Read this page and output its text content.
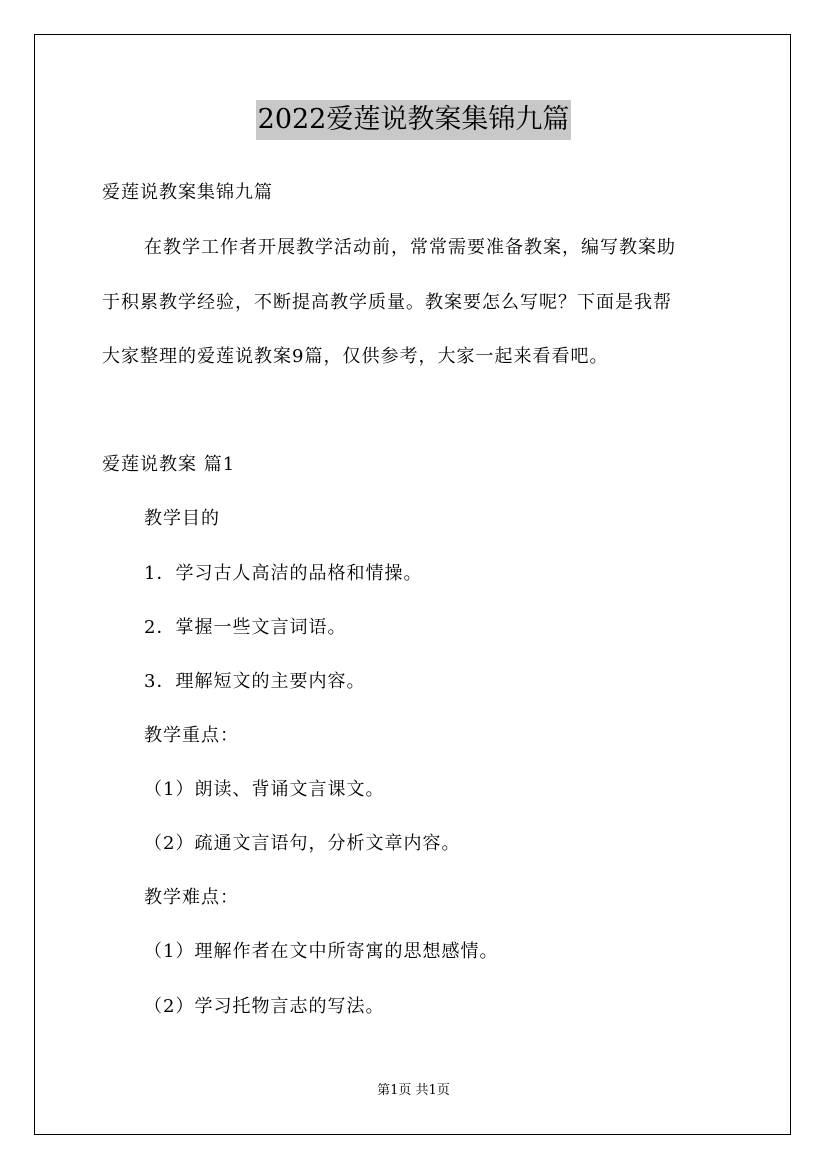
2022爱莲说教案集锦九篇
爱莲说教案集锦九篇
在教学工作者开展教学活动前，常常需要准备教案，编写教案助
于积累教学经验，不断提高教学质量。教案要怎么写呢？下面是我帮
大家整理的爱莲说教案9篇，仅供参考，大家一起来看看吧。
爱莲说教案 篇1
教学目的
1．学习古人高洁的品格和情操。
2．掌握一些文言词语。
3．理解短文的主要内容。
教学重点：
（1）朗读、背诵文言课文。
（2）疏通文言语句，分析文章内容。
教学难点：
（1）理解作者在文中所寄寓的思想感情。
（2）学习托物言志的写法。
第1页 共1页
